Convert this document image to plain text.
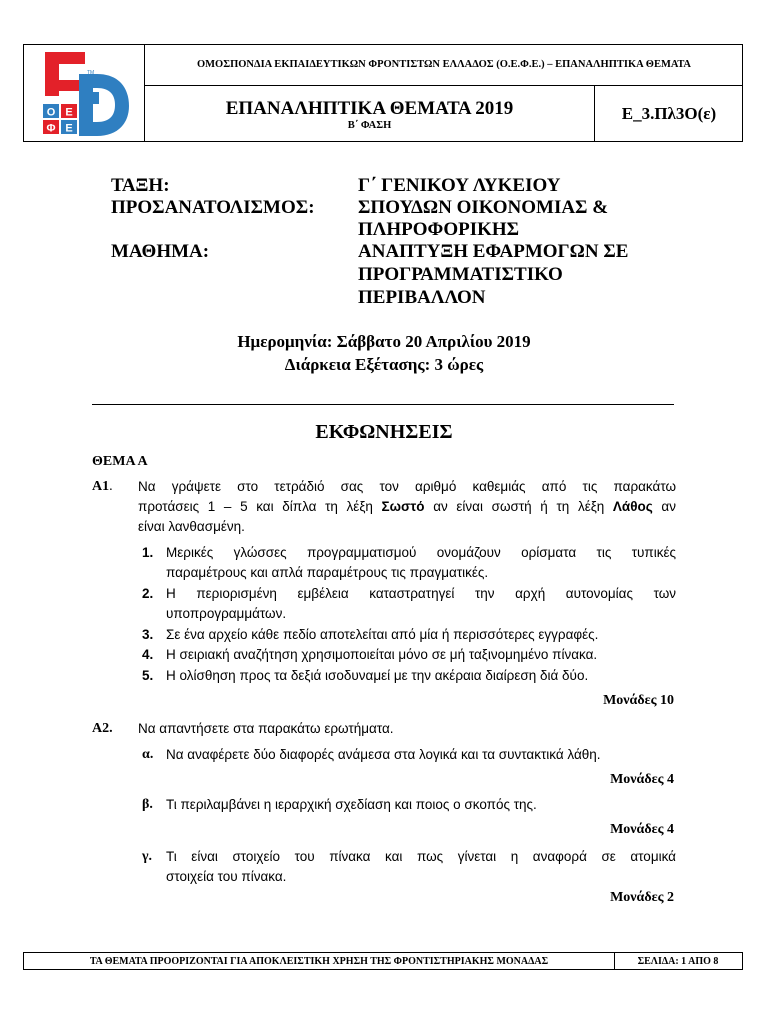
Ο Ε
Φ Ε
TM
ΟΜΟΣΠΟΝΔΙΑ ΕΚΠΑΙΔΕΥΤΙΚΩΝ ΦΡΟΝΤΙΣΤΩΝ ΕΛΛΑΔΟΣ (Ο.Ε.Φ.Ε.) – ΕΠΑΝΑΛΗΠΤΙΚΑ ΘΕΜΑΤΑ
ΕΠΑΝΑΛΗΠΤΙΚΑ ΘΕΜΑΤΑ 2019
Β΄ ΦΑΣΗ
Ε_3.Πλ3Ο(ε)
ΤΑΞΗ:	Γ΄ ΓΕΝΙΚΟΥ ΛΥΚΕΙΟΥ
ΠΡΟΣΑΝΑΤΟΛΙΣΜΟΣ: ΣΠΟΥΔΩΝ ΟΙΚΟΝΟΜΙΑΣ &
ΠΛΗΡΟΦΟΡΙΚΗΣ
ΜΑΘΗΜΑ:	ΑΝΑΠΤΥΞΗ ΕΦΑΡΜΟΓΩΝ ΣΕ
ΠΡΟΓΡΑΜΜΑΤΙΣΤΙΚΟ
ΠΕΡΙΒΑΛΛΟΝ
Ημερομηνία: Σάββατο 20 Απριλίου 2019
Διάρκεια Εξέτασης: 3 ώρες
ΕΚΦΩΝΗΣΕΙΣ
ΘΕΜΑ Α
Α1. Να γράψετε στο τετράδιό σας τον αριθμό καθεμιάς από τις παρακάτω
προτάσεις 1 – 5 και δίπλα τη λέξη Σωστό αν είναι σωστή ή τη λέξη Λάθος αν
είναι λανθασμένη.
1. Μερικές γλώσσες προγραμματισμού ονομάζουν ορίσματα τις τυπικές
παραμέτρους και απλά παραμέτρους τις πραγματικές.
2. Η περιορισμένη εμβέλεια καταστρατηγεί την αρχή αυτονομίας των
υποπρογραμμάτων.
3. Σε ένα αρχείο κάθε πεδίο αποτελείται από μία ή περισσότερες εγγραφές.
4. Η σειριακή αναζήτηση χρησιμοποιείται μόνο σε μή ταξινομημένο πίνακα.
5. Η ολίσθηση προς τα δεξιά ισοδυναμεί με την ακέραια διαίρεση διά δύο.
Μονάδες 10
Α2. Να απαντήσετε στα παρακάτω ερωτήματα.
α. Να αναφέρετε δύο διαφορές ανάμεσα στα λογικά και τα συντακτικά λάθη.
Μονάδες 4
β. Τι περιλαμβάνει η ιεραρχική σχεδίαση και ποιος ο σκοπός της.
Μονάδες 4
γ. Τι είναι στοιχείο του πίνακα και πως γίνεται η αναφορά σε ατομικά
στοιχεία του πίνακα.
Μονάδες 2
ΤΑ ΘΕΜΑΤΑ ΠΡΟΟΡΙΖΟΝΤΑΙ ΓΙΑ ΑΠΟΚΛΕΙΣΤΙΚΗ ΧΡΗΣΗ ΤΗΣ ΦΡΟΝΤΙΣΤΗΡΙΑΚΗΣ ΜΟΝΑΔΑΣ	ΣΕΛΙΔΑ: 1 ΑΠΟ 8
